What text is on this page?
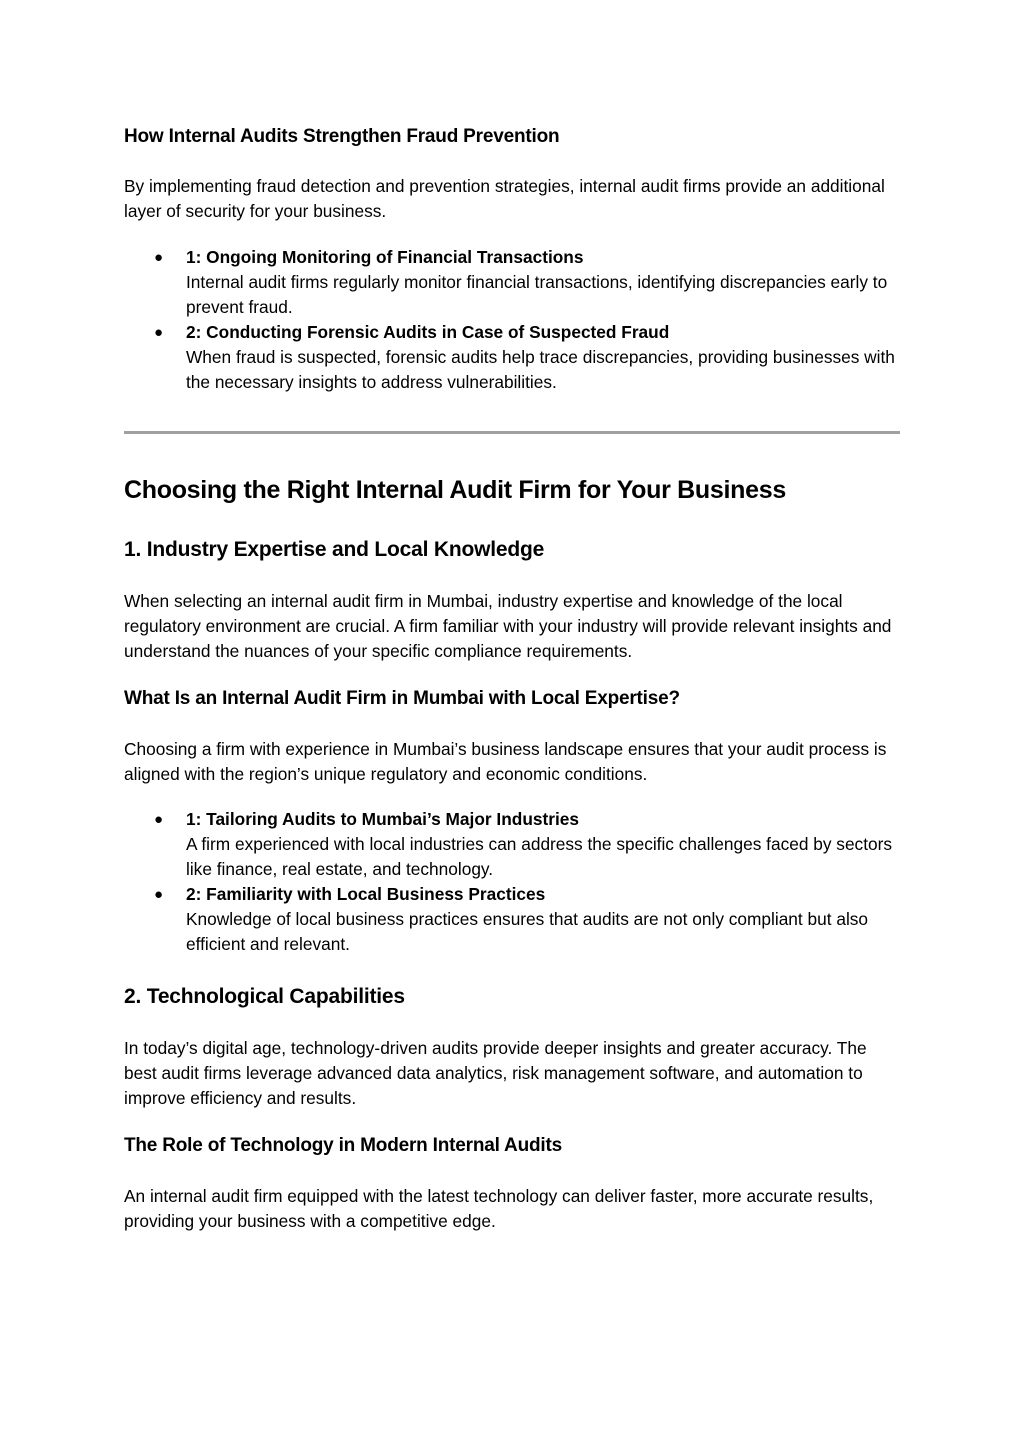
How Internal Audits Strengthen Fraud Prevention

By implementing fraud detection and prevention strategies, internal audit firms provide an additional layer of security for your business.

● 1: Ongoing Monitoring of Financial Transactions
Internal audit firms regularly monitor financial transactions, identifying discrepancies early to prevent fraud.
● 2: Conducting Forensic Audits in Case of Suspected Fraud
When fraud is suspected, forensic audits help trace discrepancies, providing businesses with the necessary insights to address vulnerabilities.
Choosing the Right Internal Audit Firm for Your Business
1. Industry Expertise and Local Knowledge

When selecting an internal audit firm in Mumbai, industry expertise and knowledge of the local regulatory environment are crucial. A firm familiar with your industry will provide relevant insights and understand the nuances of your specific compliance requirements.

What Is an Internal Audit Firm in Mumbai with Local Expertise?

Choosing a firm with experience in Mumbai’s business landscape ensures that your audit process is aligned with the region’s unique regulatory and economic conditions.

● 1: Tailoring Audits to Mumbai’s Major Industries
A firm experienced with local industries can address the specific challenges faced by sectors like finance, real estate, and technology.
● 2: Familiarity with Local Business Practices
Knowledge of local business practices ensures that audits are not only compliant but also efficient and relevant.
2. Technological Capabilities

In today’s digital age, technology-driven audits provide deeper insights and greater accuracy. The best audit firms leverage advanced data analytics, risk management software, and automation to improve efficiency and results.

The Role of Technology in Modern Internal Audits

An internal audit firm equipped with the latest technology can deliver faster, more accurate results, providing your business with a competitive edge.
